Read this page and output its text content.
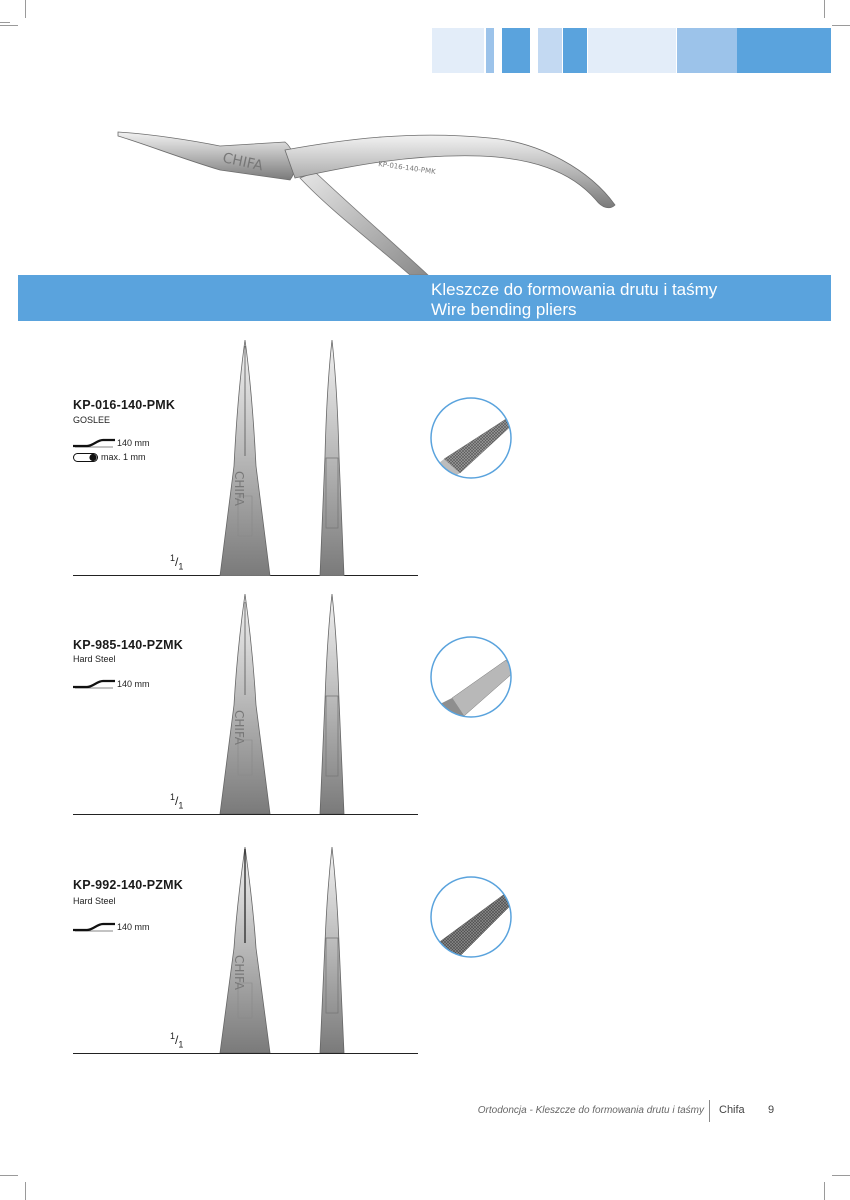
CHIFA	KP-016-140-PMK
Kleszcze do formowania drutu i taśmy
Wire bending pliers
KP-016-140-PMK
GOSLEE
140 mm
max. 1 mm
$^1/_1$
CHIFA
KP-985-140-PZMK
Hard Steel
140 mm
$^1/_1$
CHIFA
KP-992-140-PZMK
Hard Steel
140 mm
$^1/_1$
CHIFA
Ortodoncja - Kleszcze do formowania drutu i taśmy Chifa 9
